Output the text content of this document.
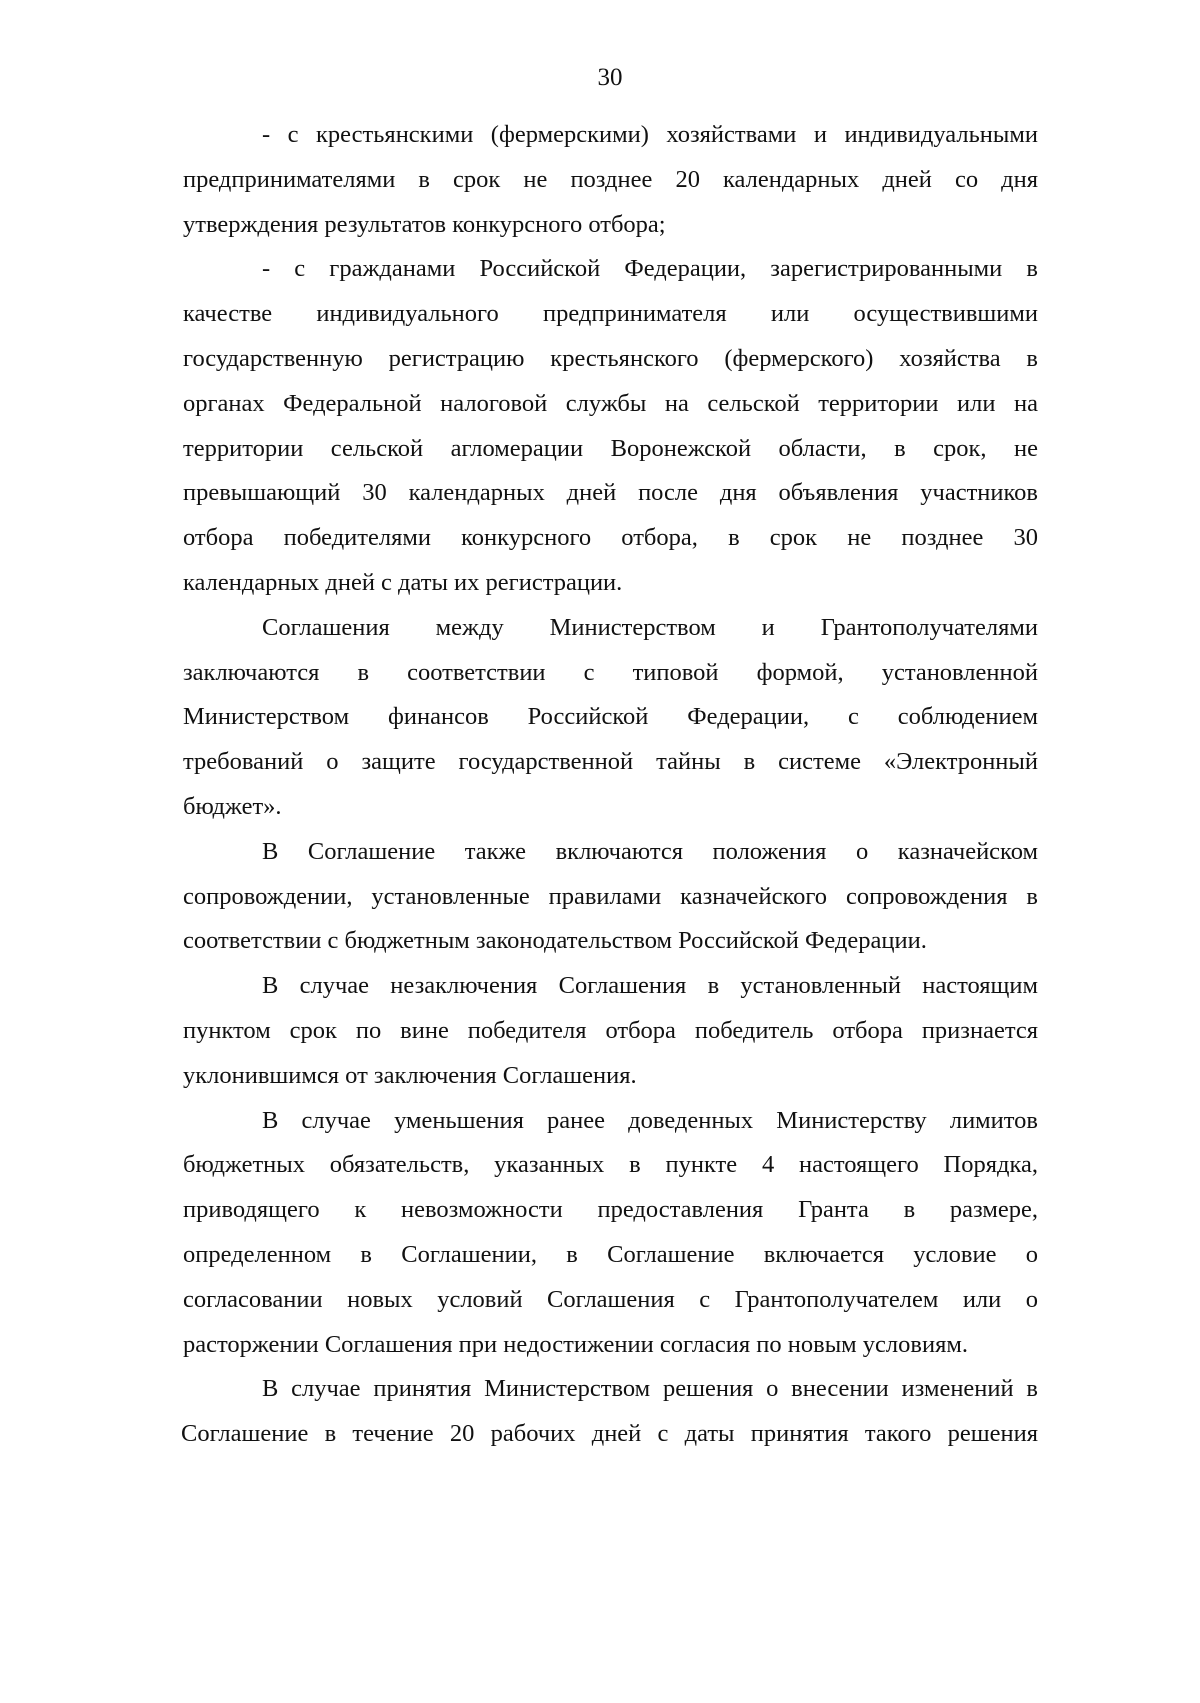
30
- с крестьянскими (фермерскими) хозяйствами и индивидуальными
предпринимателями в срок не позднее 20 календарных дней со дня
утверждения результатов конкурсного отбора;
- с гражданами Российской Федерации, зарегистрированными в
качестве индивидуального предпринимателя или осуществившими
государственную регистрацию крестьянского (фермерского) хозяйства в
органах Федеральной налоговой службы на сельской территории или на
территории сельской агломерации Воронежской области, в срок, не
превышающий 30 календарных дней после дня объявления участников
отбора победителями конкурсного отбора, в срок не позднее 30
календарных дней с даты их регистрации.
Соглашения между Министерством и Грантополучателями
заключаются в соответствии с типовой формой, установленной
Министерством финансов Российской Федерации, с соблюдением
требований о защите государственной тайны в системе «Электронный
бюджет».
В Соглашение также включаются положения о казначейском
сопровождении, установленные правилами казначейского сопровождения в
соответствии с бюджетным законодательством Российской Федерации.
В случае незаключения Соглашения в установленный настоящим
пунктом срок по вине победителя отбора победитель отбора признается
уклонившимся от заключения Соглашения.
В случае уменьшения ранее доведенных Министерству лимитов
бюджетных обязательств, указанных в пункте 4 настоящего Порядка,
приводящего к невозможности предоставления Гранта в размере,
определенном в Соглашении, в Соглашение включается условие о
согласовании новых условий Соглашения с Грантополучателем или о
расторжении Соглашения при недостижении согласия по новым условиям.
В случае принятия Министерством решения о внесении изменений в
Соглашение в течение 20 рабочих дней с даты принятия такого решения
